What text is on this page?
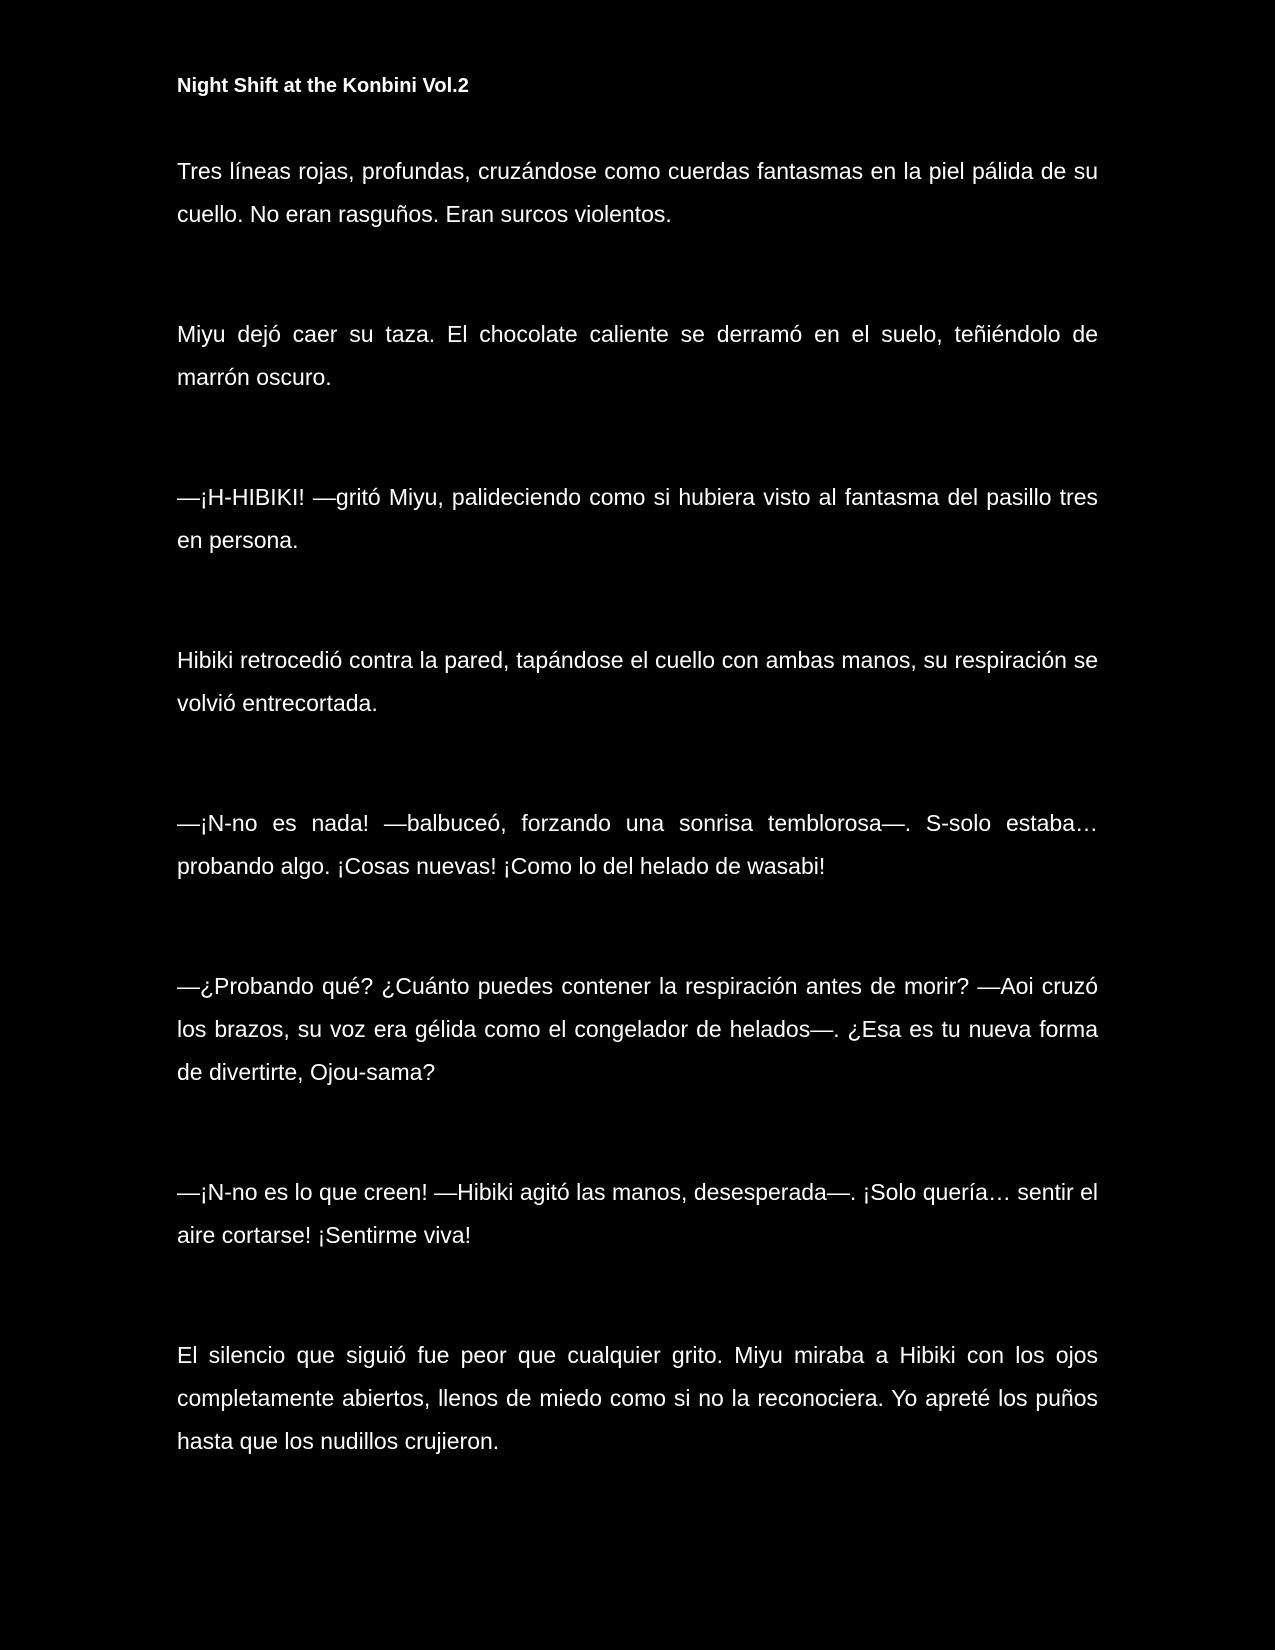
Night Shift at the Konbini Vol.2

Tres líneas rojas, profundas, cruzándose como cuerdas fantasmas en la piel pálida de su cuello. No eran rasguños. Eran surcos violentos.

Miyu dejó caer su taza. El chocolate caliente se derramó en el suelo, teñiéndolo de marrón oscuro.

—¡H-HIBIKI! —gritó Miyu, palideciendo como si hubiera visto al fantasma del pasillo tres en persona.

Hibiki retrocedió contra la pared, tapándose el cuello con ambas manos, su respiración se volvió entrecortada.

—¡N-no es nada! —balbuceó, forzando una sonrisa temblorosa—. S-solo estaba… probando algo. ¡Cosas nuevas! ¡Como lo del helado de wasabi!

—¿Probando qué? ¿Cuánto puedes contener la respiración antes de morir? —Aoi cruzó los brazos, su voz era gélida como el congelador de helados—. ¿Esa es tu nueva forma de divertirte, Ojou-sama?

—¡N-no es lo que creen! —Hibiki agitó las manos, desesperada—. ¡Solo quería… sentir el aire cortarse! ¡Sentirme viva!

El silencio que siguió fue peor que cualquier grito. Miyu miraba a Hibiki con los ojos completamente abiertos, llenos de miedo como si no la reconociera. Yo apreté los puños hasta que los nudillos crujieron.
